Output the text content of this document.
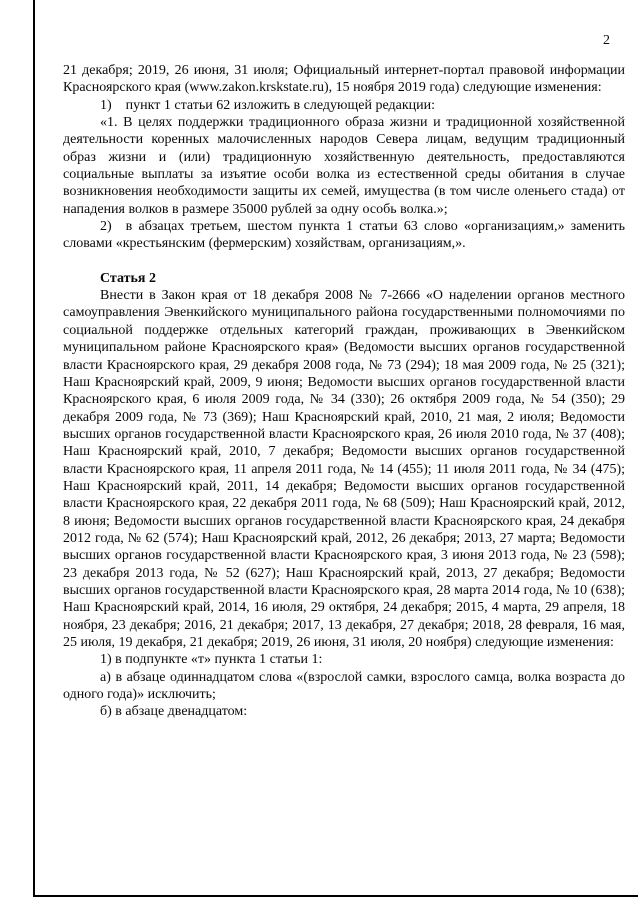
2

21 декабря; 2019, 26 июня, 31 июля; Официальный интернет-портал правовой информации Красноярского края (www.zakon.krskstate.ru), 15 ноября 2019 года) следующие изменения:

1) пункт 1 статьи 62 изложить в следующей редакции:

«1. В целях поддержки традиционного образа жизни и традиционной хозяйственной деятельности коренных малочисленных народов Севера лицам, ведущим традиционный образ жизни и (или) традиционную хозяйственную деятельность, предоставляются социальные выплаты за изъятие особи волка из естественной среды обитания в случае возникновения необходимости защиты их семей, имущества (в том числе оленьего стада) от нападения волков в размере 35000 рублей за одну особь волка.»;

2) в абзацах третьем, шестом пункта 1 статьи 63 слово «организациям,» заменить словами «крестьянским (фермерским) хозяйствам, организациям,».

Статья 2

Внести в Закон края от 18 декабря 2008 № 7-2666 «О наделении органов местного самоуправления Эвенкийского муниципального района государственными полномочиями по социальной поддержке отдельных категорий граждан, проживающих в Эвенкийском муниципальном районе Красноярского края» (Ведомости высших органов государственной власти Красноярского края, 29 декабря 2008 года, № 73 (294); 18 мая 2009 года, № 25 (321); Наш Красноярский край, 2009, 9 июня; Ведомости высших органов государственной власти Красноярского края, 6 июля 2009 года, № 34 (330); 26 октября 2009 года, № 54 (350); 29 декабря 2009 года, № 73 (369); Наш Красноярский край, 2010, 21 мая, 2 июля; Ведомости высших органов государственной власти Красноярского края, 26 июля 2010 года, № 37 (408); Наш Красноярский край, 2010, 7 декабря; Ведомости высших органов государственной власти Красноярского края, 11 апреля 2011 года, № 14 (455); 11 июля 2011 года, № 34 (475); Наш Красноярский край, 2011, 14 декабря; Ведомости высших органов государственной власти Красноярского края, 22 декабря 2011 года, № 68 (509); Наш Красноярский край, 2012, 8 июня; Ведомости высших органов государственной власти Красноярского края, 24 декабря 2012 года, № 62 (574); Наш Красноярский край, 2012, 26 декабря; 2013, 27 марта; Ведомости высших органов государственной власти Красноярского края, 3 июня 2013 года, № 23 (598); 23 декабря 2013 года, № 52 (627); Наш Красноярский край, 2013, 27 декабря; Ведомости высших органов государственной власти Красноярского края, 28 марта 2014 года, № 10 (638); Наш Красноярский край, 2014, 16 июля, 29 октября, 24 декабря; 2015, 4 марта, 29 апреля, 18 ноября, 23 декабря; 2016, 21 декабря; 2017, 13 декабря, 27 декабря; 2018, 28 февраля, 16 мая, 25 июля, 19 декабря, 21 декабря; 2019, 26 июня, 31 июля, 20 ноября) следующие изменения:

1) в подпункте «т» пункта 1 статьи 1:

а) в абзаце одиннадцатом слова «(взрослой самки, взрослого самца, волка возраста до одного года)» исключить;

б) в абзаце двенадцатом:
